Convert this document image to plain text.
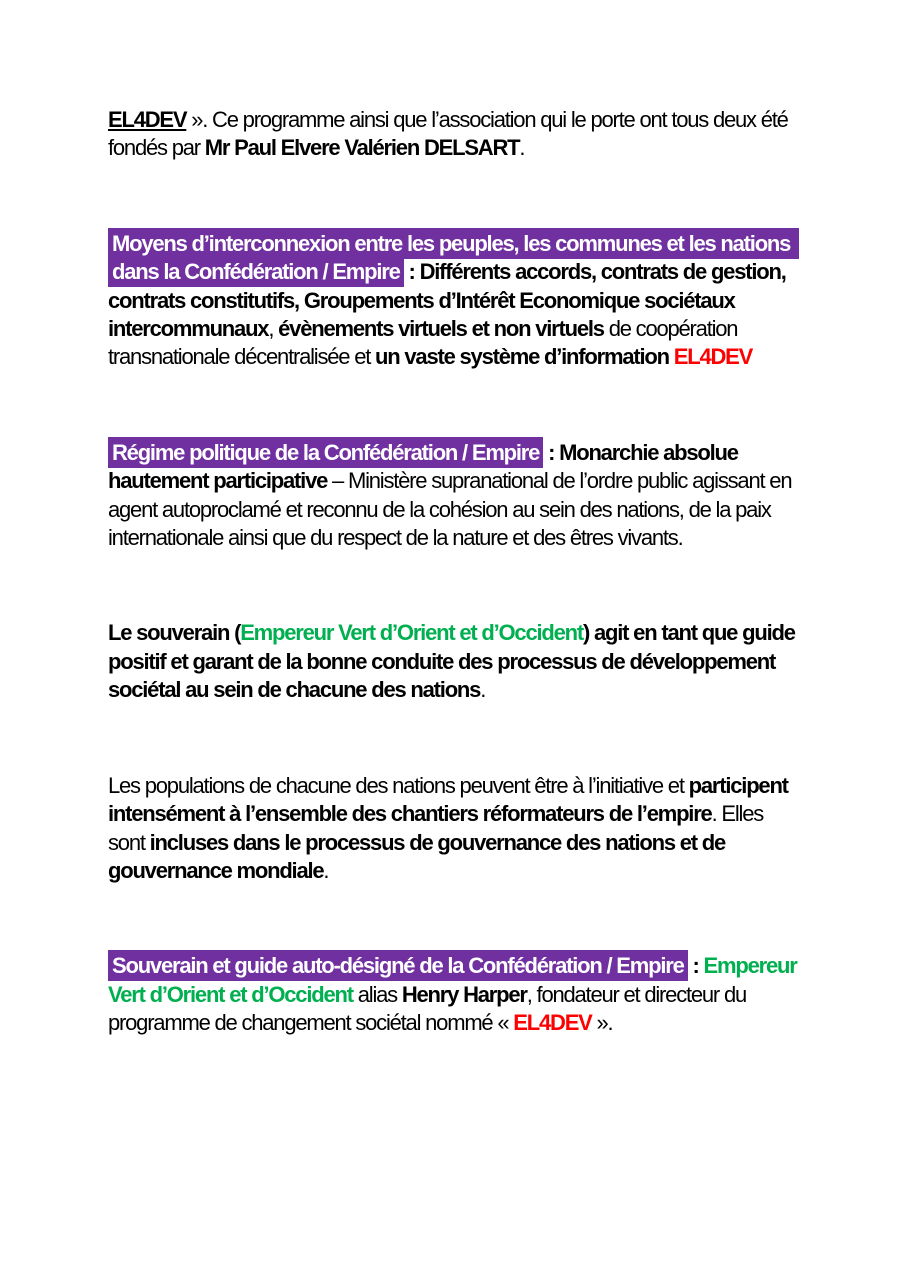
EL4DEV ». Ce programme ainsi que l’association qui le porte ont tous deux été fondés par Mr Paul Elvere Valérien DELSART.

Moyens d’interconnexion entre les peuples, les communes et les nations dans la Confédération / Empire : Différents accords, contrats de gestion, contrats constitutifs, Groupements d’Intérêt Economique sociétaux intercommunaux, évènements virtuels et non virtuels de coopération transnationale décentralisée et un vaste système d’information EL4DEV

Régime politique de la Confédération / Empire : Monarchie absolue hautement participative – Ministère supranational de l’ordre public agissant en agent autoproclamé et reconnu de la cohésion au sein des nations, de la paix internationale ainsi que du respect de la nature et des êtres vivants.

Le souverain (Empereur Vert d’Orient et d’Occident) agit en tant que guide positif et garant de la bonne conduite des processus de développement sociétal au sein de chacune des nations.

Les populations de chacune des nations peuvent être à l’initiative et participent intensément à l’ensemble des chantiers réformateurs de l’empire. Elles sont incluses dans le processus de gouvernance des nations et de gouvernance mondiale.

Souverain et guide auto-désigné de la Confédération / Empire : Empereur Vert d’Orient et d’Occident alias Henry Harper, fondateur et directeur du programme de changement sociétal nommé « EL4DEV ».
